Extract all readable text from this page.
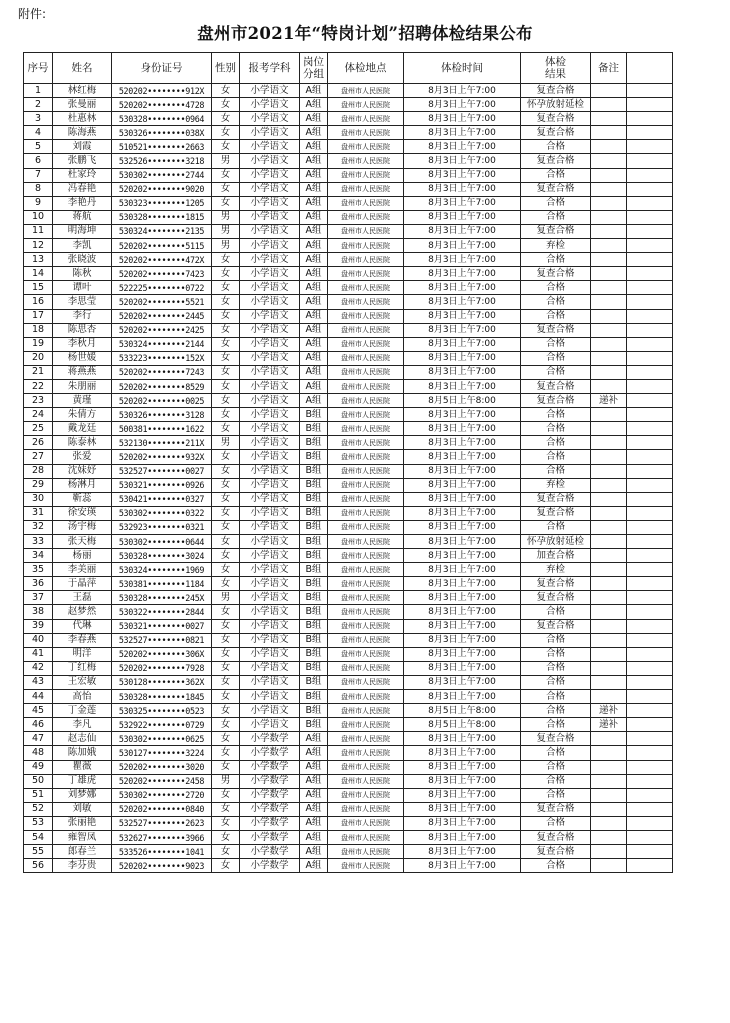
附件:
盘州市2021年“特岗计划”招聘体检结果公布
序号	姓名	身份证号	性别	报考学科	岗位分组	体检地点	体检时间	体检结果	备注	
1	林红梅	520202••••••••912X	女	小学语文	A组	盘州市人民医院	8月3日上午7:00	复查合格		
2	张曼丽	520202••••••••4728	女	小学语文	A组	盘州市人民医院	8月3日上午7:00	怀孕放射延检		
3	杜惠林	530328••••••••0964	女	小学语文	A组	盘州市人民医院	8月3日上午7:00	复查合格		
4	陈海燕	530326••••••••038X	女	小学语文	A组	盘州市人民医院	8月3日上午7:00	复查合格		
5	刘霞	510521••••••••2663	女	小学语文	A组	盘州市人民医院	8月3日上午7:00	合格		
6	张鹏飞	532526••••••••3218	男	小学语文	A组	盘州市人民医院	8月3日上午7:00	复查合格		
7	杜家玲	530302••••••••2744	女	小学语文	A组	盘州市人民医院	8月3日上午7:00	合格		
8	冯春艳	520202••••••••9020	女	小学语文	A组	盘州市人民医院	8月3日上午7:00	复查合格		
9	李艳丹	530323••••••••1205	女	小学语文	A组	盘州市人民医院	8月3日上午7:00	合格		
10	蒋航	530328••••••••1815	男	小学语文	A组	盘州市人民医院	8月3日上午7:00	合格		
11	明海坤	530324••••••••2135	男	小学语文	A组	盘州市人民医院	8月3日上午7:00	复查合格		
12	李凯	520202••••••••5115	男	小学语文	A组	盘州市人民医院	8月3日上午7:00	弃检		
13	张晓波	520202••••••••472X	女	小学语文	A组	盘州市人民医院	8月3日上午7:00	合格		
14	陈秋	520202••••••••7423	女	小学语文	A组	盘州市人民医院	8月3日上午7:00	复查合格		
15	谭叶	522225••••••••0722	女	小学语文	A组	盘州市人民医院	8月3日上午7:00	合格		
16	李思莹	520202••••••••5521	女	小学语文	A组	盘州市人民医院	8月3日上午7:00	合格		
17	李行	520202••••••••2445	女	小学语文	A组	盘州市人民医院	8月3日上午7:00	合格		
18	陈思杏	520202••••••••2425	女	小学语文	A组	盘州市人民医院	8月3日上午7:00	复查合格		
19	李秋月	530324••••••••2144	女	小学语文	A组	盘州市人民医院	8月3日上午7:00	合格		
20	杨世媛	533223••••••••152X	女	小学语文	A组	盘州市人民医院	8月3日上午7:00	合格		
21	蒋燕燕	520202••••••••7243	女	小学语文	A组	盘州市人民医院	8月3日上午7:00	合格		
22	朱朋丽	520202••••••••8529	女	小学语文	A组	盘州市人民医院	8月3日上午7:00	复查合格		
23	黄瑾	520202••••••••0025	女	小学语文	A组	盘州市人民医院	8月5日上午8:00	复查合格	递补	
24	朱倩方	530326••••••••3128	女	小学语文	B组	盘州市人民医院	8月3日上午7:00	合格		
25	戴龙廷	500381••••••••1622	女	小学语文	B组	盘州市人民医院	8月3日上午7:00	合格		
26	陈泰林	532130••••••••211X	男	小学语文	B组	盘州市人民医院	8月3日上午7:00	合格		
27	张爱	520202••••••••932X	女	小学语文	B组	盘州市人民医院	8月3日上午7:00	合格		
28	沈妹妤	532527••••••••0027	女	小学语文	B组	盘州市人民医院	8月3日上午7:00	合格		
29	杨淋月	530321••••••••0926	女	小学语文	B组	盘州市人民医院	8月3日上午7:00	弃检		
30	靳蕊	530421••••••••0327	女	小学语文	B组	盘州市人民医院	8月3日上午7:00	复查合格		
31	徐安瑛	530302••••••••0322	女	小学语文	B组	盘州市人民医院	8月3日上午7:00	复查合格		
32	汤宇梅	532923••••••••0321	女	小学语文	B组	盘州市人民医院	8月3日上午7:00	合格		
33	张天梅	530302••••••••0644	女	小学语文	B组	盘州市人民医院	8月3日上午7:00	怀孕放射延检		
34	杨丽	530328••••••••3024	女	小学语文	B组	盘州市人民医院	8月3日上午7:00	加查合格		
35	李美丽	530324••••••••1969	女	小学语文	B组	盘州市人民医院	8月3日上午7:00	弃检		
36	于晶萍	530381••••••••1184	女	小学语文	B组	盘州市人民医院	8月3日上午7:00	复查合格		
37	王磊	530328••••••••245X	男	小学语文	B组	盘州市人民医院	8月3日上午7:00	复查合格		
38	赵梦然	530322••••••••2844	女	小学语文	B组	盘州市人民医院	8月3日上午7:00	合格		
39	代琳	530321••••••••0027	女	小学语文	B组	盘州市人民医院	8月3日上午7:00	复查合格		
40	李春燕	532527••••••••0821	女	小学语文	B组	盘州市人民医院	8月3日上午7:00	合格		
41	明洋	520202••••••••306X	女	小学语文	B组	盘州市人民医院	8月3日上午7:00	合格		
42	丁红梅	520202••••••••7928	女	小学语文	B组	盘州市人民医院	8月3日上午7:00	合格		
43	王宏敏	530128••••••••362X	女	小学语文	B组	盘州市人民医院	8月3日上午7:00	合格		
44	高怡	530328••••••••1845	女	小学语文	B组	盘州市人民医院	8月3日上午7:00	合格		
45	丁金莲	530325••••••••0523	女	小学语文	B组	盘州市人民医院	8月5日上午8:00	合格	递补	
46	李凡	532922••••••••0729	女	小学语文	B组	盘州市人民医院	8月5日上午8:00	合格	递补	
47	赵志仙	530302••••••••0625	女	小学数学	A组	盘州市人民医院	8月3日上午7:00	复查合格		
48	陈加娥	530127••••••••3224	女	小学数学	A组	盘州市人民医院	8月3日上午7:00	合格		
49	瞿薇	520202••••••••3020	女	小学数学	A组	盘州市人民医院	8月3日上午7:00	合格		
50	丁雄虎	520202••••••••2458	男	小学数学	A组	盘州市人民医院	8月3日上午7:00	合格		
51	刘梦娜	530302••••••••2720	女	小学数学	A组	盘州市人民医院	8月3日上午7:00	合格		
52	刘敏	520202••••••••0840	女	小学数学	A组	盘州市人民医院	8月3日上午7:00	复查合格		
53	张丽艳	532527••••••••2623	女	小学数学	A组	盘州市人民医院	8月3日上午7:00	合格		
54	雍智凤	532627••••••••3966	女	小学数学	A组	盘州市人民医院	8月3日上午7:00	复查合格		
55	郎春兰	533526••••••••1041	女	小学数学	A组	盘州市人民医院	8月3日上午7:00	复查合格		
56	李芬贵	520202••••••••9023	女	小学数学	A组	盘州市人民医院	8月3日上午7:00	合格		
